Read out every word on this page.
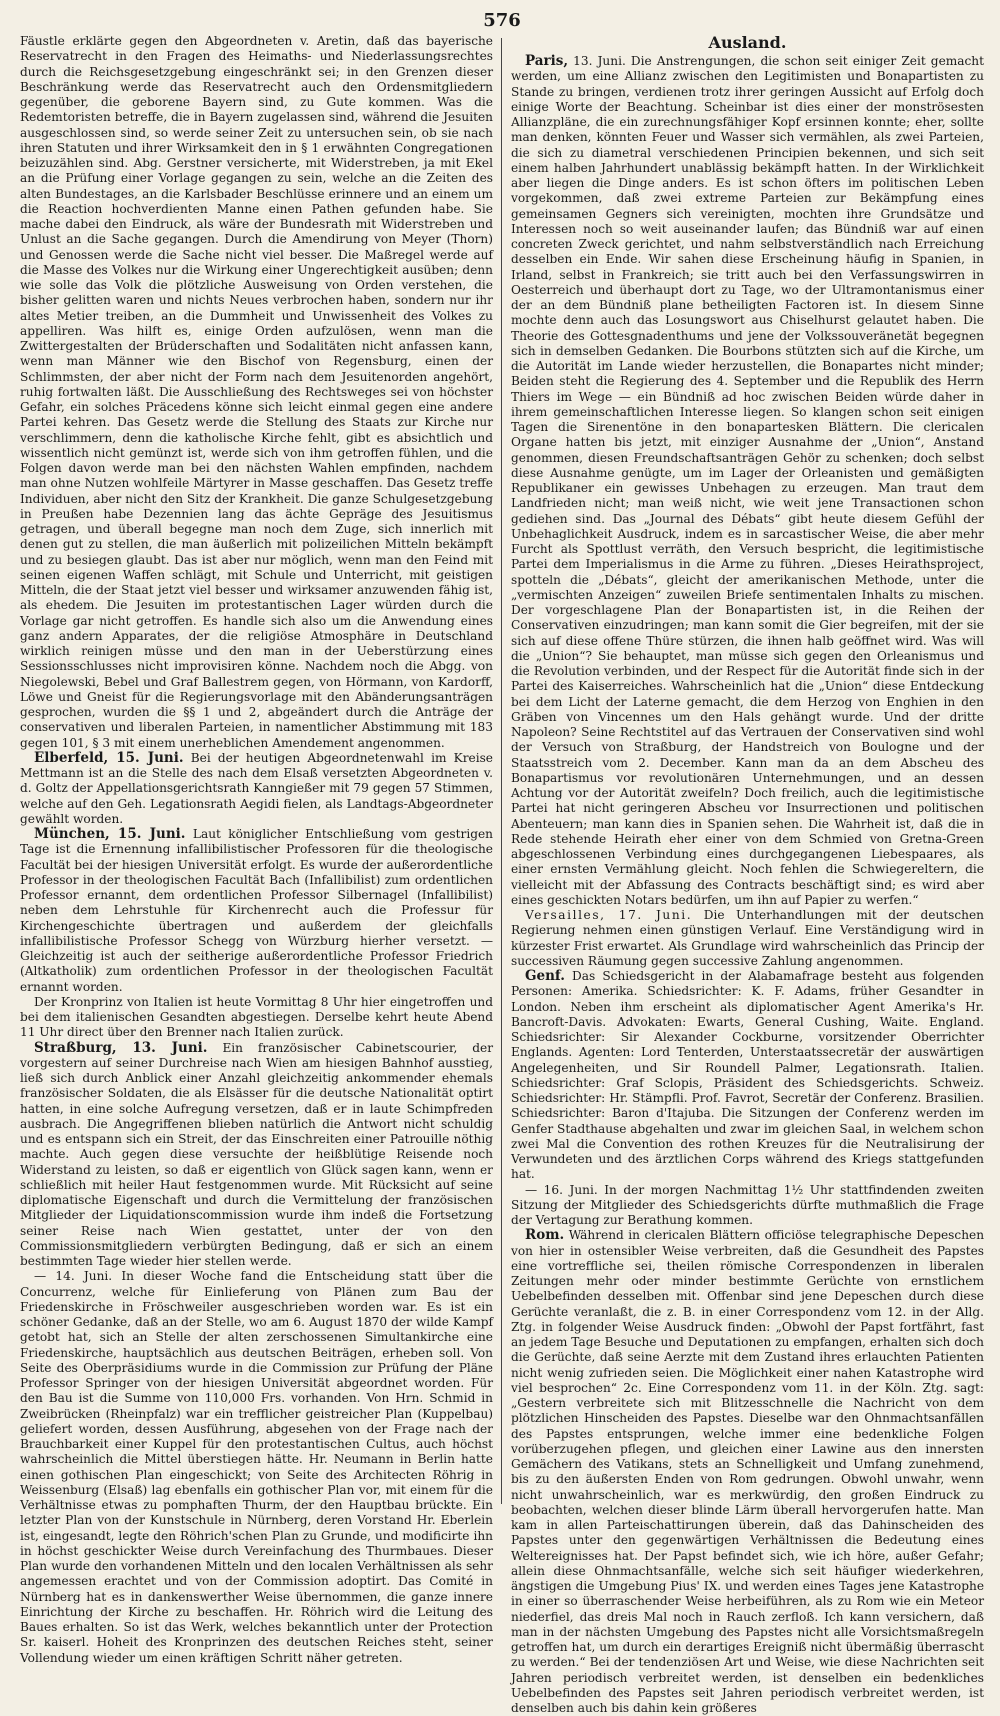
576

Fäustle erklärte gegen den Abgeordneten v. Aretin, daß das bayerische Reservatrecht in den Fragen des Heimaths- und Niederlassungsrechtes durch die Reichsgesetzgebung eingeschränkt sei; in den Grenzen dieser Beschränkung werde das Reservatrecht auch den Ordensmitgliedern gegenüber, die geborene Bayern sind, zu Gute kommen. Was die Redemtoristen betreffe, die in Bayern zugelassen sind, während die Jesuiten ausgeschlossen sind, so werde seiner Zeit zu untersuchen sein, ob sie nach ihren Statuten und ihrer Wirksamkeit den in § 1 erwähnten Congregationen beizuzählen sind. Abg. Gerstner versicherte, mit Widerstreben, ja mit Ekel an die Prüfung einer Vorlage gegangen zu sein, welche an die Zeiten des alten Bundestages, an die Karlsbader Beschlüsse erinnere und an einem um die Reaction hochverdienten Manne einen Pathen gefunden habe. Sie mache dabei den Eindruck, als wäre der Bundesrath mit Widerstreben und Unlust an die Sache gegangen. Durch die Amendirung von Meyer (Thorn) und Genossen werde die Sache nicht viel besser. Die Maßregel werde auf die Masse des Volkes nur die Wirkung einer Ungerechtigkeit ausüben; denn wie solle das Volk die plötzliche Ausweisung von Orden verstehen, die bisher gelitten waren und nichts Neues verbrochen haben, sondern nur ihr altes Metier treiben, an die Dummheit und Unwissenheit des Volkes zu appelliren. Was hilft es, einige Orden aufzulösen, wenn man die Zwittergestalten der Brüderschaften und Sodalitäten nicht anfassen kann, wenn man Männer wie den Bischof von Regensburg, einen der Schlimmsten, der aber nicht der Form nach dem Jesuitenorden angehört, ruhig fortwalten läßt. Die Ausschließung des Rechtsweges sei von höchster Gefahr, ein solches Präcedens könne sich leicht einmal gegen eine andere Partei kehren. Das Gesetz werde die Stellung des Staats zur Kirche nur verschlimmern, denn die katholische Kirche fehlt, gibt es absichtlich und wissentlich nicht gemünzt ist, werde sich von ihm getroffen fühlen, und die Folgen davon werde man bei den nächsten Wahlen empfinden, nachdem man ohne Nutzen wohlfeile Märtyrer in Masse geschaffen. Das Gesetz treffe Individuen, aber nicht den Sitz der Krankheit. Die ganze Schulgesetzgebung in Preußen habe Dezennien lang das ächte Gepräge des Jesuitismus getragen, und überall begegne man noch dem Zuge, sich innerlich mit denen gut zu stellen, die man äußerlich mit polizeilichen Mitteln bekämpft und zu besiegen glaubt. Das ist aber nur möglich, wenn man den Feind mit seinen eigenen Waffen schlägt, mit Schule und Unterricht, mit geistigen Mitteln, die der Staat jetzt viel besser und wirksamer anzuwenden fähig ist, als ehedem. Die Jesuiten im protestantischen Lager würden durch die Vorlage gar nicht getroffen. Es handle sich also um die Anwendung eines ganz andern Apparates, der die religiöse Atmosphäre in Deutschland wirklich reinigen müsse und den man in der Ueberstürzung eines Sessionsschlusses nicht improvisiren könne. Nachdem noch die Abgg. von Niegolewski, Bebel und Graf Ballestrem gegen, von Hörmann, von Kardorff, Löwe und Gneist für die Regierungsvorlage mit den Abänderungsanträgen gesprochen, wurden die §§ 1 und 2, abgeändert durch die Anträge der conservativen und liberalen Parteien, in namentlicher Abstimmung mit 183 gegen 101, § 3 mit einem unerheblichen Amendement angenommen.

Elberfeld, 15. Juni. Bei der heutigen Abgeordnetenwahl im Kreise Mettmann ist an die Stelle des nach dem Elsaß versetzten Abgeordneten v. d. Goltz der Appellationsgerichtsrath Kanngießer mit 79 gegen 57 Stimmen, welche auf den Geh. Legationsrath Aegidi fielen, als Landtags-Abgeordneter gewählt worden.

München, 15. Juni. Laut königlicher Entschließung vom gestrigen Tage ist die Ernennung infallibilistischer Professoren für die theologische Facultät bei der hiesigen Universität erfolgt. Es wurde der außerordentliche Professor in der theologischen Facultät Bach (Infallibilist) zum ordentlichen Professor ernannt, dem ordentlichen Professor Silbernagel (Infallibilist) neben dem Lehrstuhle für Kirchenrecht auch die Professur für Kirchengeschichte übertragen und außerdem der gleichfalls infallibilistische Professor Schegg von Würzburg hierher versetzt. — Gleichzeitig ist auch der seitherige außerordentliche Professor Friedrich (Altkatholik) zum ordentlichen Professor in der theologischen Facultät ernannt worden.

Der Kronprinz von Italien ist heute Vormittag 8 Uhr hier eingetroffen und bei dem italienischen Gesandten abgestiegen. Derselbe kehrt heute Abend 11 Uhr direct über den Brenner nach Italien zurück.

Straßburg, 13. Juni. Ein französischer Cabinetscourier, der vorgestern auf seiner Durchreise nach Wien am hiesigen Bahnhof ausstieg, ließ sich durch Anblick einer Anzahl gleichzeitig ankommender ehemals französischer Soldaten, die als Elsässer für die deutsche Nationalität optirt hatten, in eine solche Aufregung versetzen, daß er in laute Schimpfreden ausbrach. Die Angegriffenen blieben natürlich die Antwort nicht schuldig und es entspann sich ein Streit, der das Einschreiten einer Patrouille nöthig machte. Auch gegen diese versuchte der heißblütige Reisende noch Widerstand zu leisten, so daß er eigentlich von Glück sagen kann, wenn er schließlich mit heiler Haut festgenommen wurde. Mit Rücksicht auf seine diplomatische Eigenschaft und durch die Vermittelung der französischen Mitglieder der Liquidationscommission wurde ihm indeß die Fortsetzung seiner Reise nach Wien gestattet, unter der von den Commissionsmitgliedern verbürgten Bedingung, daß er sich an einem bestimmten Tage wieder hier stellen werde.

— 14. Juni. In dieser Woche fand die Entscheidung statt über die Concurrenz, welche für Einlieferung von Plänen zum Bau der Friedenskirche in Fröschweiler ausgeschrieben worden war. Es ist ein schöner Gedanke, daß an der Stelle, wo am 6. August 1870 der wilde Kampf getobt hat, sich an Stelle der alten zerschossenen Simultankirche eine Friedenskirche, hauptsächlich aus deutschen Beiträgen, erheben soll. Von Seite des Oberpräsidiums wurde in die Commission zur Prüfung der Pläne Professor Springer von der hiesigen Universität abgeordnet worden. Für den Bau ist die Summe von 110,000 Frs. vorhanden. Von Hrn. Schmid in Zweibrücken (Rheinpfalz) war ein trefflicher geistreicher Plan (Kuppelbau) geliefert worden, dessen Ausführung, abgesehen von der Frage nach der Brauchbarkeit einer Kuppel für den protestantischen Cultus, auch höchst wahrscheinlich die Mittel überstiegen hätte. Hr. Neumann in Berlin hatte einen gothischen Plan eingeschickt; von Seite des Architecten Röhrig in Weissenburg (Elsaß) lag ebenfalls ein gothischer Plan vor, mit einem für die Verhältnisse etwas zu pomphaften Thurm, der den Hauptbau brückte. Ein letzter Plan von der Kunstschule in Nürnberg, deren Vorstand Hr. Eberlein ist, eingesandt, legte den Röhrich'schen Plan zu Grunde, und modificirte ihn in höchst geschickter Weise durch Vereinfachung des Thurmbaues. Dieser Plan wurde den vorhandenen Mitteln und den localen Verhältnissen als sehr angemessen erachtet und von der Commission adoptirt. Das Comité in Nürnberg hat es in dankenswerther Weise übernommen, die ganze innere Einrichtung der Kirche zu beschaffen. Hr. Röhrich wird die Leitung des Baues erhalten. So ist das Werk, welches bekanntlich unter der Protection Sr. kaiserl. Hoheit des Kronprinzen des deutschen Reiches steht, seiner Vollendung wieder um einen kräftigen Schritt näher getreten.

Ausland.

Paris, 13. Juni. Die Anstrengungen, die schon seit einiger Zeit gemacht werden, um eine Allianz zwischen den Legitimisten und Bonapartisten zu Stande zu bringen, verdienen trotz ihrer geringen Aussicht auf Erfolg doch einige Worte der Beachtung. Scheinbar ist dies einer der monströsesten Allianzpläne, die ein zurechnungsfähiger Kopf ersinnen konnte; eher, sollte man denken, könnten Feuer und Wasser sich vermählen, als zwei Parteien, die sich zu diametral verschiedenen Principien bekennen, und sich seit einem halben Jahrhundert unablässig bekämpft hatten. In der Wirklichkeit aber liegen die Dinge anders. Es ist schon öfters im politischen Leben vorgekommen, daß zwei extreme Parteien zur Bekämpfung eines gemeinsamen Gegners sich vereinigten, mochten ihre Grundsätze und Interessen noch so weit auseinander laufen; das Bündniß war auf einen concreten Zweck gerichtet, und nahm selbstverständlich nach Erreichung desselben ein Ende. Wir sahen diese Erscheinung häufig in Spanien, in Irland, selbst in Frankreich; sie tritt auch bei den Verfassungswirren in Oesterreich und überhaupt dort zu Tage, wo der Ultramontanismus einer der an dem Bündniß plane betheiligten Factoren ist. In diesem Sinne mochte denn auch das Losungswort aus Chiselhurst gelautet haben. Die Theorie des Gottesgnadenthums und jene der Volkssouveränetät begegnen sich in demselben Gedanken. Die Bourbons stützten sich auf die Kirche, um die Autorität im Lande wieder herzustellen, die Bonapartes nicht minder; Beiden steht die Regierung des 4. September und die Republik des Herrn Thiers im Wege — ein Bündniß ad hoc zwischen Beiden würde daher in ihrem gemeinschaftlichen Interesse liegen. So klangen schon seit einigen Tagen die Sirenentöne in den bonapartesken Blättern. Die clericalen Organe hatten bis jetzt, mit einziger Ausnahme der „Union“, Anstand genommen, diesen Freundschaftsanträgen Gehör zu schenken; doch selbst diese Ausnahme genügte, um im Lager der Orleanisten und gemäßigten Republikaner ein gewisses Unbehagen zu erzeugen. Man traut dem Landfrieden nicht; man weiß nicht, wie weit jene Transactionen schon gediehen sind. Das „Journal des Débats“ gibt heute diesem Gefühl der Unbehaglichkeit Ausdruck, indem es in sarcastischer Weise, die aber mehr Furcht als Spottlust verräth, den Versuch bespricht, die legitimistische Partei dem Imperialismus in die Arme zu führen. „Dieses Heirathsproject, spotteln die „Débats“, gleicht der amerikanischen Methode, unter die „vermischten Anzeigen“ zuweilen Briefe sentimentalen Inhalts zu mischen. Der vorgeschlagene Plan der Bonapartisten ist, in die Reihen der Conservativen einzudringen; man kann somit die Gier begreifen, mit der sie sich auf diese offene Thüre stürzen, die ihnen halb geöffnet wird. Was will die „Union“? Sie behauptet, man müsse sich gegen den Orleanismus und die Revolution verbinden, und der Respect für die Autorität finde sich in der Partei des Kaiserreiches. Wahrscheinlich hat die „Union“ diese Entdeckung bei dem Licht der Laterne gemacht, die dem Herzog von Enghien in den Gräben von Vincennes um den Hals gehängt wurde. Und der dritte Napoleon? Seine Rechtstitel auf das Vertrauen der Conservativen sind wohl der Versuch von Straßburg, der Handstreich von Boulogne und der Staatsstreich vom 2. December. Kann man da an dem Abscheu des Bonapartismus vor revolutionären Unternehmungen, und an dessen Achtung vor der Autorität zweifeln? Doch freilich, auch die legitimistische Partei hat nicht geringeren Abscheu vor Insurrectionen und politischen Abenteuern; man kann dies in Spanien sehen. Die Wahrheit ist, daß die in Rede stehende Heirath eher einer von dem Schmied von Gretna-Green abgeschlossenen Verbindung eines durchgegangenen Liebespaares, als einer ernsten Vermählung gleicht. Noch fehlen die Schwiegereltern, die vielleicht mit der Abfassung des Contracts beschäftigt sind; es wird aber eines geschickten Notars bedürfen, um ihn auf Papier zu werfen.“

Versailles, 17. Juni. Die Unterhandlungen mit der deutschen Regierung nehmen einen günstigen Verlauf. Eine Verständigung wird in kürzester Frist erwartet. Als Grundlage wird wahrscheinlich das Princip der successiven Räumung gegen successive Zahlung angenommen.

Genf. Das Schiedsgericht in der Alabamafrage besteht aus folgenden Personen: Amerika. Schiedsrichter: K. F. Adams, früher Gesandter in London. Neben ihm erscheint als diplomatischer Agent Amerika's Hr. Bancroft-Davis. Advokaten: Ewarts, General Cushing, Waite. England. Schiedsrichter: Sir Alexander Cockburne, vorsitzender Oberrichter Englands. Agenten: Lord Tenterden, Unterstaatssecretär der auswärtigen Angelegenheiten, und Sir Roundell Palmer, Legationsrath. Italien. Schiedsrichter: Graf Sclopis, Präsident des Schiedsgerichts. Schweiz. Schiedsrichter: Hr. Stämpfli. Prof. Favrot, Secretär der Conferenz. Brasilien. Schiedsrichter: Baron d'Itajuba. Die Sitzungen der Conferenz werden im Genfer Stadthause abgehalten und zwar im gleichen Saal, in welchem schon zwei Mal die Convention des rothen Kreuzes für die Neutralisirung der Verwundeten und des ärztlichen Corps während des Kriegs stattgefunden hat.

— 16. Juni. In der morgen Nachmittag 1½ Uhr stattfindenden zweiten Sitzung der Mitglieder des Schiedsgerichts dürfte muthmaßlich die Frage der Vertagung zur Berathung kommen.

Rom. Während in clericalen Blättern officiöse telegraphische Depeschen von hier in ostensibler Weise verbreiten, daß die Gesundheit des Papstes eine vortreffliche sei, theilen römische Correspondenzen in liberalen Zeitungen mehr oder minder bestimmte Gerüchte von ernstlichem Uebelbefinden desselben mit. Offenbar sind jene Depeschen durch diese Gerüchte veranlaßt, die z. B. in einer Correspondenz vom 12. in der Allg. Ztg. in folgender Weise Ausdruck finden: „Obwohl der Papst fortfährt, fast an jedem Tage Besuche und Deputationen zu empfangen, erhalten sich doch die Gerüchte, daß seine Aerzte mit dem Zustand ihres erlauchten Patienten nicht wenig zufrieden seien. Die Möglichkeit einer nahen Katastrophe wird viel besprochen“ 2c. Eine Correspondenz vom 11. in der Köln. Ztg. sagt: „Gestern verbreitete sich mit Blitzesschnelle die Nachricht von dem plötzlichen Hinscheiden des Papstes. Dieselbe war den Ohnmachtsanfällen des Papstes entsprungen, welche immer eine bedenkliche Folgen vorüberzugehen pflegen, und gleichen einer Lawine aus den innersten Gemächern des Vatikans, stets an Schnelligkeit und Umfang zunehmend, bis zu den äußersten Enden von Rom gedrungen. Obwohl unwahr, wenn nicht unwahrscheinlich, war es merkwürdig, den großen Eindruck zu beobachten, welchen dieser blinde Lärm überall hervorgerufen hatte. Man kam in allen Parteischattirungen überein, daß das Dahinscheiden des Papstes unter den gegenwärtigen Verhältnissen die Bedeutung eines Weltereignisses hat. Der Papst befindet sich, wie ich höre, außer Gefahr; allein diese Ohnmachtsanfälle, welche sich seit häufiger wiederkehren, ängstigen die Umgebung Pius' IX. und werden eines Tages jene Katastrophe in einer so überraschender Weise herbeiführen, als zu Rom wie ein Meteor niederfiel, das dreis Mal noch in Rauch zerfloß. Ich kann versichern, daß man in der nächsten Umgebung des Papstes nicht alle Vorsichtsmaßregeln getroffen hat, um durch ein derartiges Ereigniß nicht übermäßig überrascht zu werden.“ Bei der tendenziösen Art und Weise, wie diese Nachrichten seit Jahren periodisch verbreitet werden, ist denselben ein bedenkliches Uebelbefinden des Papstes seit Jahren periodisch verbreitet werden, ist denselben auch bis dahin kein größeres
